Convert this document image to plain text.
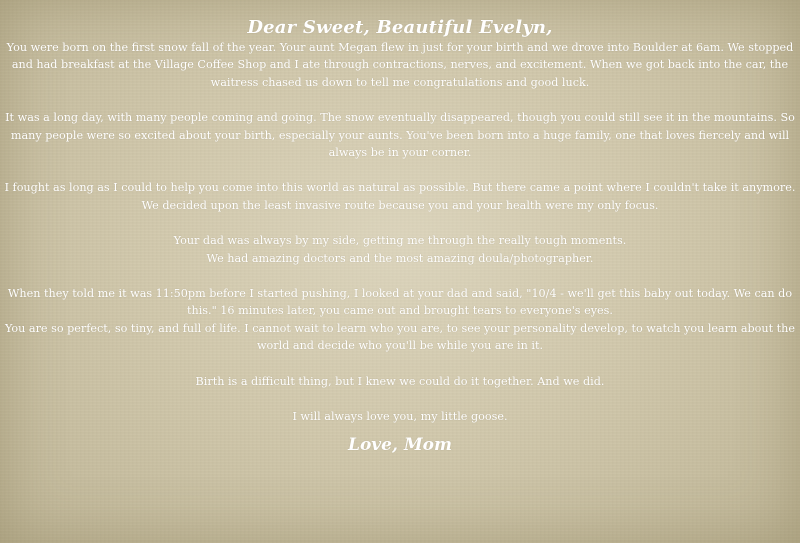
Dear Sweet, Beautiful Evelyn,

You were born on the first snow fall of the year. Your aunt Megan flew in just for your birth and we drove into Boulder at 6am. We stopped and had breakfast at the Village Coffee Shop and I ate through contractions, nerves, and excitement. When we got back into the car, the waitress chased us down to tell me congratulations and good luck.

It was a long day, with many people coming and going. The snow eventually disappeared, though you could still see it in the mountains. So many people were so excited about your birth, especially your aunts. You've been born into a huge family, one that loves fiercely and will always be in your corner.

I fought as long as I could to help you come into this world as natural as possible. But there came a point where I couldn't take it anymore. We decided upon the least invasive route because you and your health were my only focus.

Your dad was always by my side, getting me through the really tough moments.
We had amazing doctors and the most amazing doula/photographer.

When they told me it was 11:50pm before I started pushing, I looked at your dad and said, "10/4 - we'll get this baby out today. We can do this." 16 minutes later, you came out and brought tears to everyone's eyes.
You are so perfect, so tiny, and full of life. I cannot wait to learn who you are, to see your personality develop, to watch you learn about the world and decide who you'll be while you are in it.

Birth is a difficult thing, but I knew we could do it together. And we did.

I will always love you, my little goose.

Love, Mom
